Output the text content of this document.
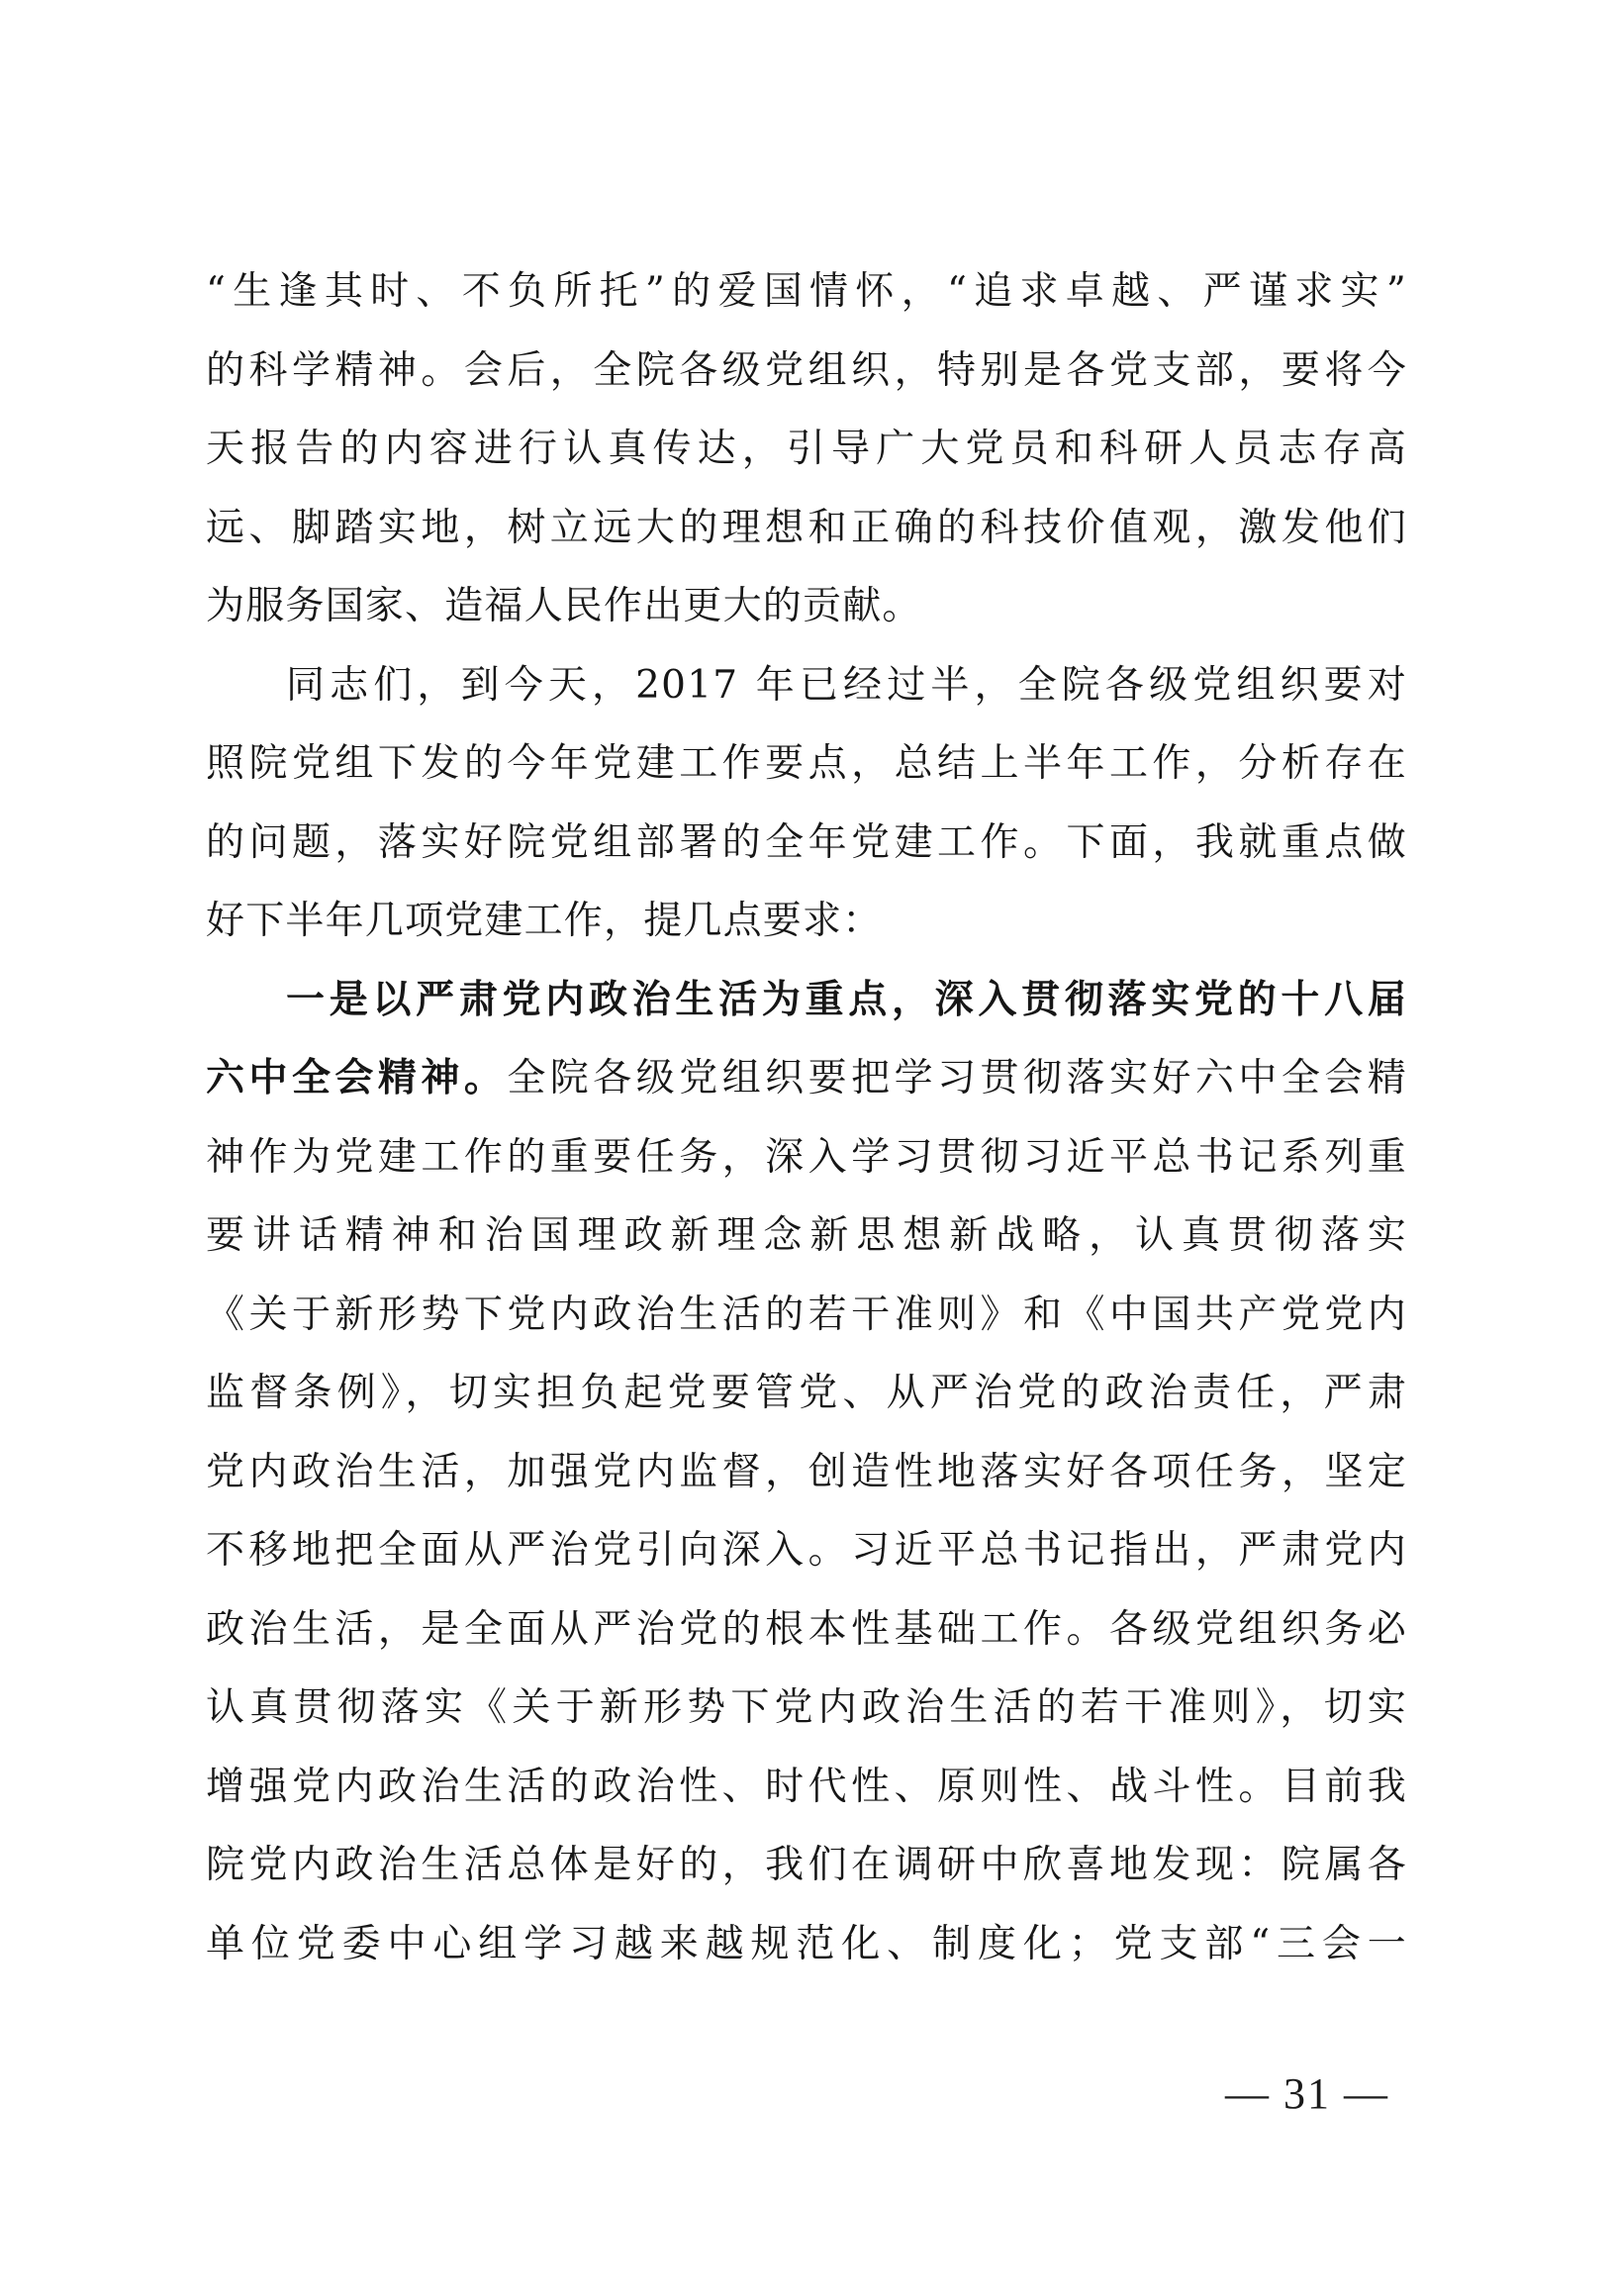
“生逢其时、不负所托”的爱国情怀，“追求卓越、严谨求实”
的科学精神。会后，全院各级党组织，特别是各党支部，要将今
天报告的内容进行认真传达，引导广大党员和科研人员志存高
远、脚踏实地，树立远大的理想和正确的科技价值观，激发他们
为服务国家、造福人民作出更大的贡献。

同志们，到今天，2017 年已经过半，全院各级党组织要对
照院党组下发的今年党建工作要点，总结上半年工作，分析存在
的问题，落实好院党组部署的全年党建工作。下面，我就重点做
好下半年几项党建工作，提几点要求：

一是以严肃党内政治生活为重点，深入贯彻落实党的十八届
六中全会精神。全院各级党组织要把学习贯彻落实好六中全会精
神作为党建工作的重要任务，深入学习贯彻习近平总书记系列重
要讲话精神和治国理政新理念新思想新战略，认真贯彻落实
《关于新形势下党内政治生活的若干准则》和《中国共产党党内
监督条例》，切实担负起党要管党、从严治党的政治责任，严肃
党内政治生活，加强党内监督，创造性地落实好各项任务，坚定
不移地把全面从严治党引向深入。习近平总书记指出，严肃党内
政治生活，是全面从严治党的根本性基础工作。各级党组织务必
认真贯彻落实《关于新形势下党内政治生活的若干准则》，切实
增强党内政治生活的政治性、时代性、原则性、战斗性。目前我
院党内政治生活总体是好的，我们在调研中欣喜地发现：院属各
单位党委中心组学习越来越规范化、制度化；党支部“三会一

— 31 —
